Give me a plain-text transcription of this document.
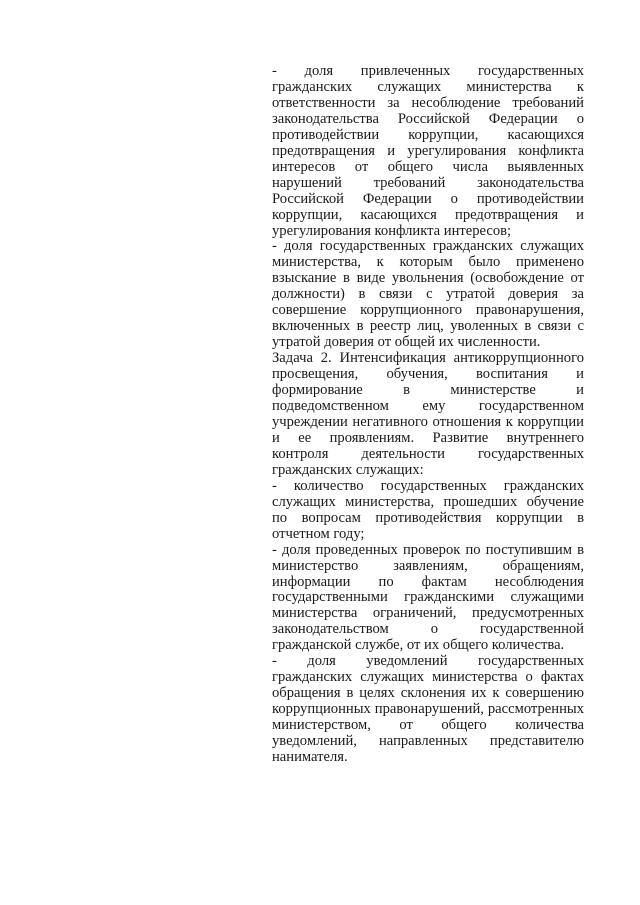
- доля привлеченных государственных гражданских служащих министерства к ответственности за несоблюдение требований законодательства Российской Федерации о противодействии коррупции, касающихся предотвращения и урегулирования конфликта интересов от общего числа выявленных нарушений требований законодательства Российской Федерации о противодействии коррупции, касающихся предотвращения и урегулирования конфликта интересов;

- доля государственных гражданских служащих министерства, к которым было применено взыскание в виде увольнения (освобождение от должности) в связи с утратой доверия за совершение коррупционного правонарушения, включенных в реестр лиц, уволенных в связи с утратой доверия от общей их численности.

Задача 2. Интенсификация антикоррупционного просвещения, обучения, воспитания и формирование в министерстве и подведомственном ему государственном учреждении негативного отношения к коррупции и ее проявлениям. Развитие внутреннего контроля деятельности государственных гражданских служащих:

- количество государственных гражданских служащих министерства, прошедших обучение по вопросам противодействия коррупции в отчетном году;

- доля проведенных проверок по поступившим в министерство заявлениям, обращениям, информации по фактам несоблюдения государственными гражданскими служащими министерства ограничений, предусмотренных законодательством о государственной гражданской службе, от их общего количества.

- доля уведомлений государственных гражданских служащих министерства о фактах обращения в целях склонения их к совершению коррупционных правонарушений, рассмотренных министерством, от общего количества уведомлений, направленных представителю нанимателя.
